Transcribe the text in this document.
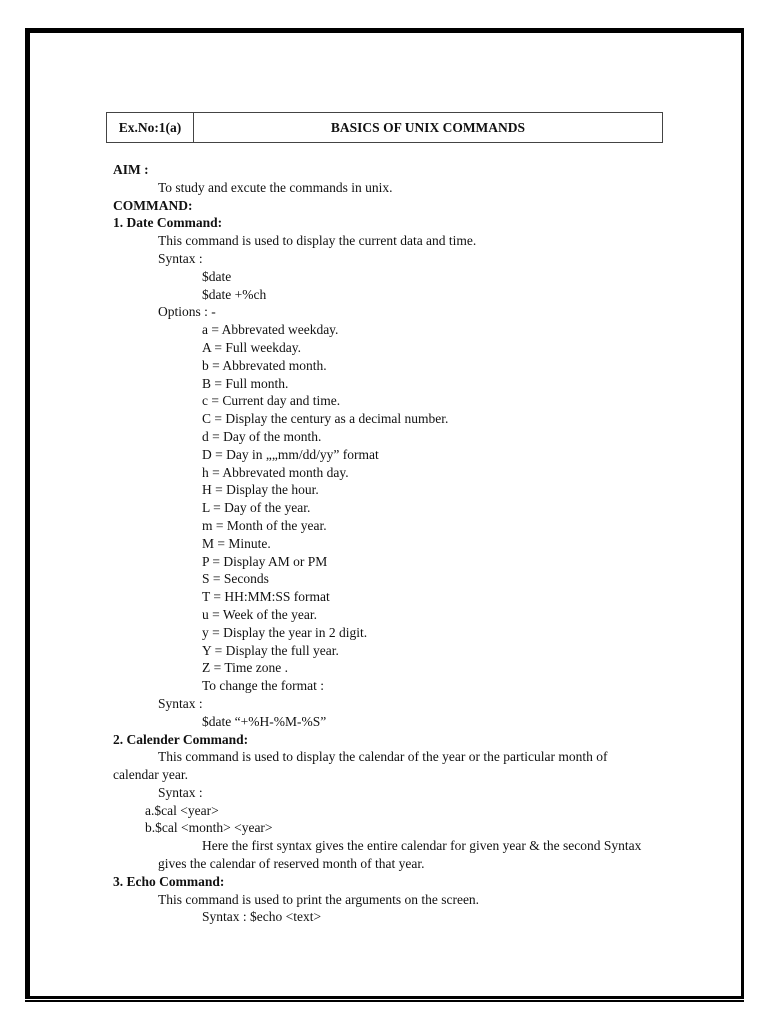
Ex.No:1(a)	BASICS OF UNIX COMMANDS
AIM :
To study and excute the commands in unix.
COMMAND:
1. Date Command:
This command is used to display the current data and time.
Syntax :
$date
$date +%ch
Options : -
a = Abbrevated weekday.
A = Full weekday.
b = Abbrevated month.
B = Full month.
c = Current day and time.
C = Display the century as a decimal number.
d = Day of the month.
D = Day in „„mm/dd/yy” format
h = Abbrevated month day.
H = Display the hour.
L = Day of the year.
m = Month of the year.
M = Minute.
P = Display AM or PM
S = Seconds
T = HH:MM:SS format
u = Week of the year.
y = Display the year in 2 digit.
Y = Display the full year.
Z = Time zone .
To change the format :
Syntax :
$date “+%H-%M-%S”
2. Calender Command:
This command is used to display the calendar of the year or the particular month of
calendar year.
Syntax :
a.$cal <year>
b.$cal <month> <year>
Here the first syntax gives the entire calendar for given year & the second Syntax
gives the calendar of reserved month of that year.
3. Echo Command:
This command is used to print the arguments on the screen.
Syntax : $echo <text>
